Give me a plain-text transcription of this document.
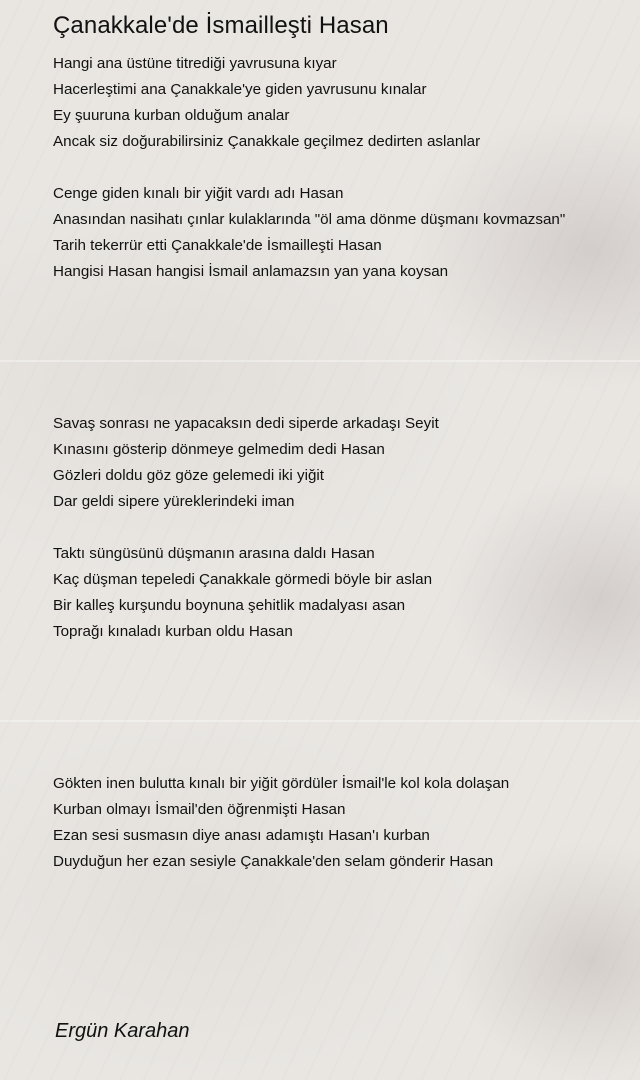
Çanakkale'de İsmailleşti Hasan
Hangi ana üstüne titrediği yavrusuna kıyar
Hacerleştimi ana Çanakkale'ye giden yavrusunu kınalar
Ey şuuruna kurban olduğum analar
Ancak siz doğurabilirsiniz Çanakkale geçilmez dedirten aslanlar
Cenge giden kınalı bir yiğit vardı adı Hasan
Anasından nasihatı çınlar kulaklarında "öl ama dönme düşmanı kovmazsan"
Tarih tekerrür etti Çanakkale'de İsmailleşti Hasan
Hangisi Hasan hangisi İsmail anlamazsın yan yana koysan
Savaş sonrası ne yapacaksın dedi siperde arkadaşı Seyit
Kınasını gösterip dönmeye gelmedim dedi Hasan
Gözleri doldu göz göze gelemedi iki yiğit
Dar geldi sipere yüreklerindeki iman
Taktı süngüsünü düşmanın arasına daldı Hasan
Kaç düşman tepeledi Çanakkale görmedi böyle bir aslan
Bir kalleş kurşundu boynuna şehitlik madalyası asan
Toprağı kınaladı kurban oldu Hasan
Gökten inen bulutta kınalı bir yiğit gördüler İsmail'le kol kola dolaşan
Kurban olmayı İsmail'den öğrenmişti Hasan
Ezan sesi susmasın diye anası adamıştı Hasan'ı kurban
Duyduğun her ezan sesiyle Çanakkale'den selam gönderir Hasan

Ergün Karahan
